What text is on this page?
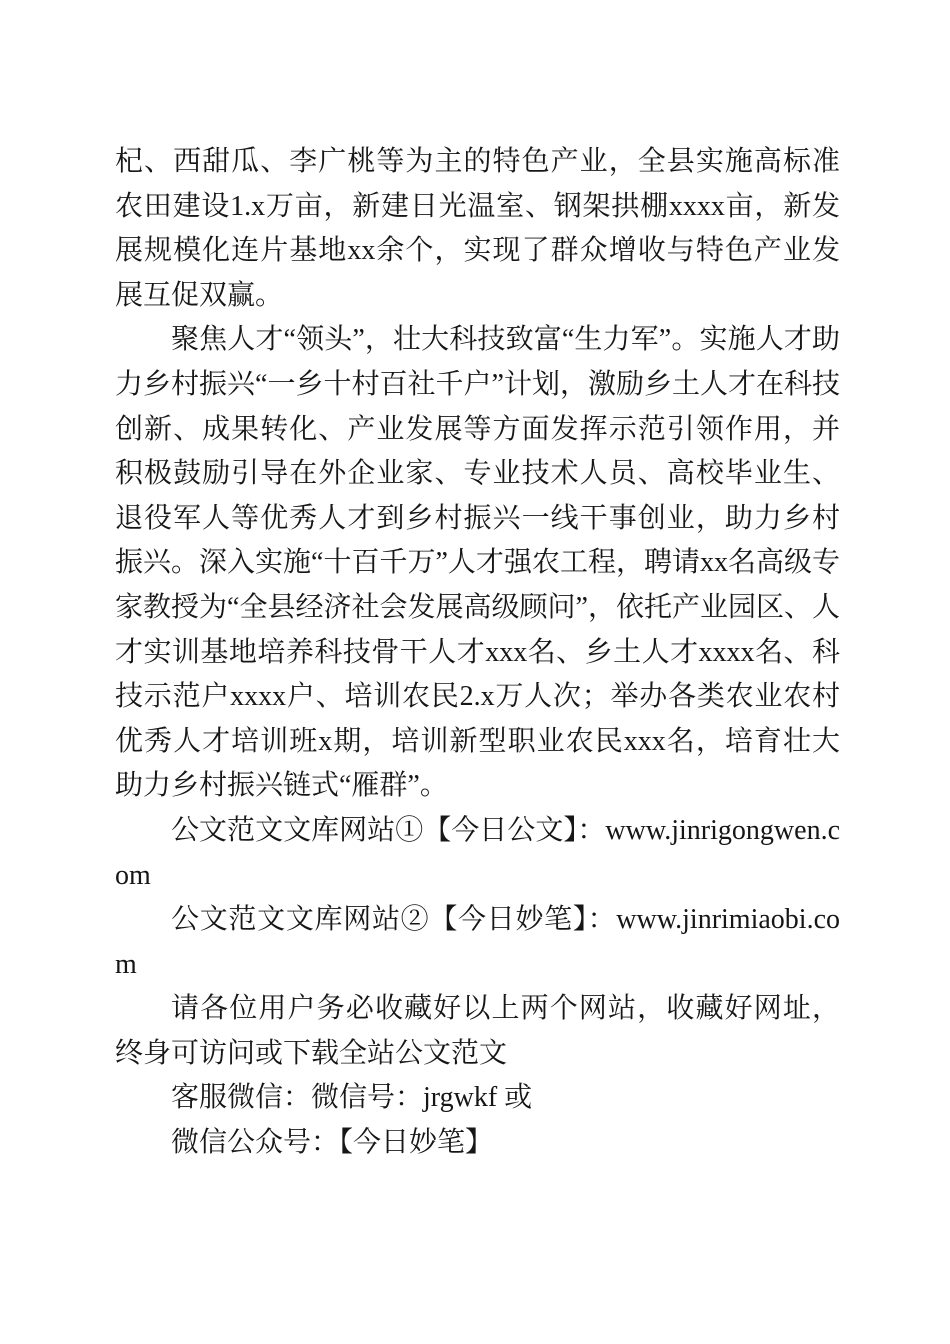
杞、西甜瓜、李广桃等为主的特色产业，全县实施高标准农田建设1.x万亩，新建日光温室、钢架拱棚xxxx亩，新发展规模化连片基地xx余个，实现了群众增收与特色产业发展互促双赢。

聚焦人才“领头”，壮大科技致富“生力军”。实施人才助力乡村振兴“一乡十村百社千户”计划，激励乡土人才在科技创新、成果转化、产业发展等方面发挥示范引领作用，并积极鼓励引导在外企业家、专业技术人员、高校毕业生、退役军人等优秀人才到乡村振兴一线干事创业，助力乡村振兴。深入实施“十百千万”人才强农工程，聘请xx名高级专家教授为“全县经济社会发展高级顾问”，依托产业园区、人才实训基地培养科技骨干人才xxx名、乡土人才xxxx名、科技示范户xxxx户、培训农民2.x万人次；举办各类农业农村优秀人才培训班x期，培训新型职业农民xxx名，培育壮大助力乡村振兴链式“雁群”。

公文范文文库网站①【今日公文】：www.jinrigongwen.com

公文范文文库网站②【今日妙笔】：www.jinrimiaobi.com

请各位用户务必收藏好以上两个网站，收藏好网址，终身可访问或下载全站公文范文

客服微信：微信号：jrgwkf 或

微信公众号：【今日妙笔】
